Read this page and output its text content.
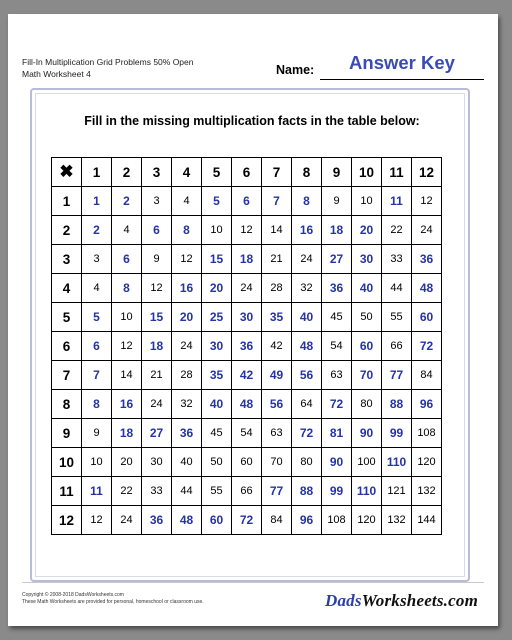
Fill-In Multiplication Grid Problems 50% Open
Math Worksheet 4	Name:	Answer Key
Fill in the missing multiplication facts in the table below:
✖	1	2	3	4	5	6	7	8	9	10	11	12
1	1	2	3	4	5	6	7	8	9	10	11	12
2	2	4	6	8	10	12	14	16	18	20	22	24
3	3	6	9	12	15	18	21	24	27	30	33	36
4	4	8	12	16	20	24	28	32	36	40	44	48
5	5	10	15	20	25	30	35	40	45	50	55	60
6	6	12	18	24	30	36	42	48	54	60	66	72
7	7	14	21	28	35	42	49	56	63	70	77	84
8	8	16	24	32	40	48	56	64	72	80	88	96
9	9	18	27	36	45	54	63	72	81	90	99	108
10	10	20	30	40	50	60	70	80	90	100	110	120
11	11	22	33	44	55	66	77	88	99	110	121	132
12	12	24	36	48	60	72	84	96	108	120	132	144
Copyright © 2008-2018 DadsWorksheets.com
These Math Worksheets are provided for personal, homeschool or classroom use.	DadsWorksheets.com
